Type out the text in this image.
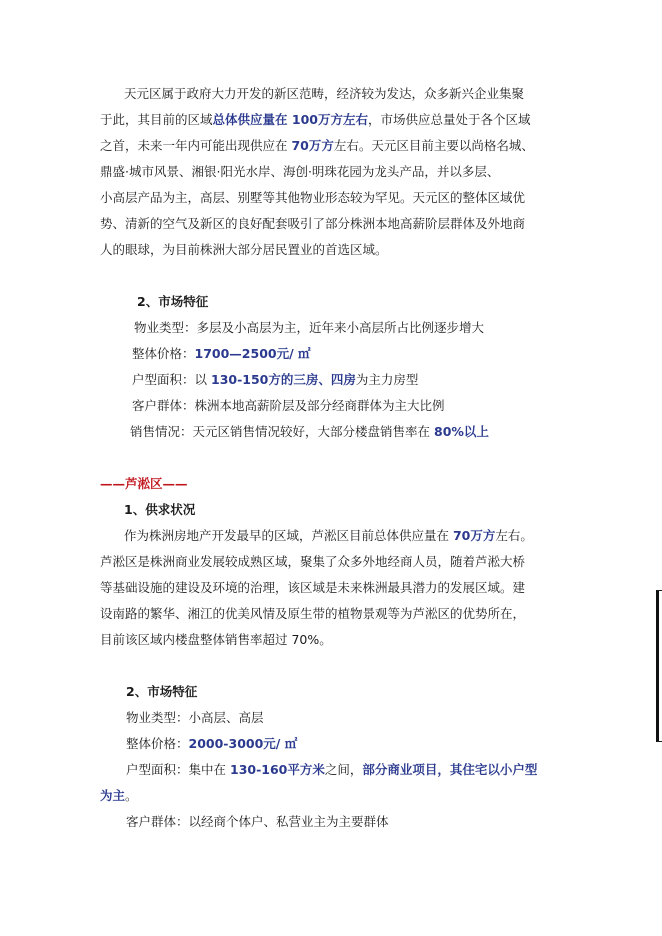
天元区属于政府大力开发的新区范畴，经济较为发达，众多新兴企业集聚
于此，其目前的区域总体供应量在 100万方左右，市场供应总量处于各个区域
之首，未来一年内可能出现供应在 70万方左右。天元区目前主要以尚格名城、
鼎盛·城市风景、湘银·阳光水岸、海创·明珠花园为龙头产品，并以多层、
小高层产品为主，高层、别墅等其他物业形态较为罕见。天元区的整体区域优
势、清新的空气及新区的良好配套吸引了部分株洲本地高薪阶层群体及外地商
人的眼球，为目前株洲大部分居民置业的首选区域。
2、市场特征
物业类型：多层及小高层为主，近年来小高层所占比例逐步增大
整体价格：1700—2500元/ ㎡
户型面积：以 130-150方的三房、四房为主力房型
客户群体：株洲本地高薪阶层及部分经商群体为主大比例
销售情况：天元区销售情况较好，大部分楼盘销售率在 80%以上
——芦淞区——
1、供求状况
作为株洲房地产开发最早的区域，芦淞区目前总体供应量在 70万方左右。
芦淞区是株洲商业发展较成熟区域，聚集了众多外地经商人员，随着芦淞大桥
等基础设施的建设及环境的治理，该区域是未来株洲最具潜力的发展区域。建
设南路的繁华、湘江的优美风情及原生带的植物景观等为芦淞区的优势所在，
目前该区域内楼盘整体销售率超过 70%。
2、市场特征
物业类型：小高层、高层
整体价格：2000-3000元/ ㎡
户型面积：集中在 130-160平方米之间，部分商业项目，其住宅以小户型
为主。
客户群体：以经商个体户、私营业主为主要群体
